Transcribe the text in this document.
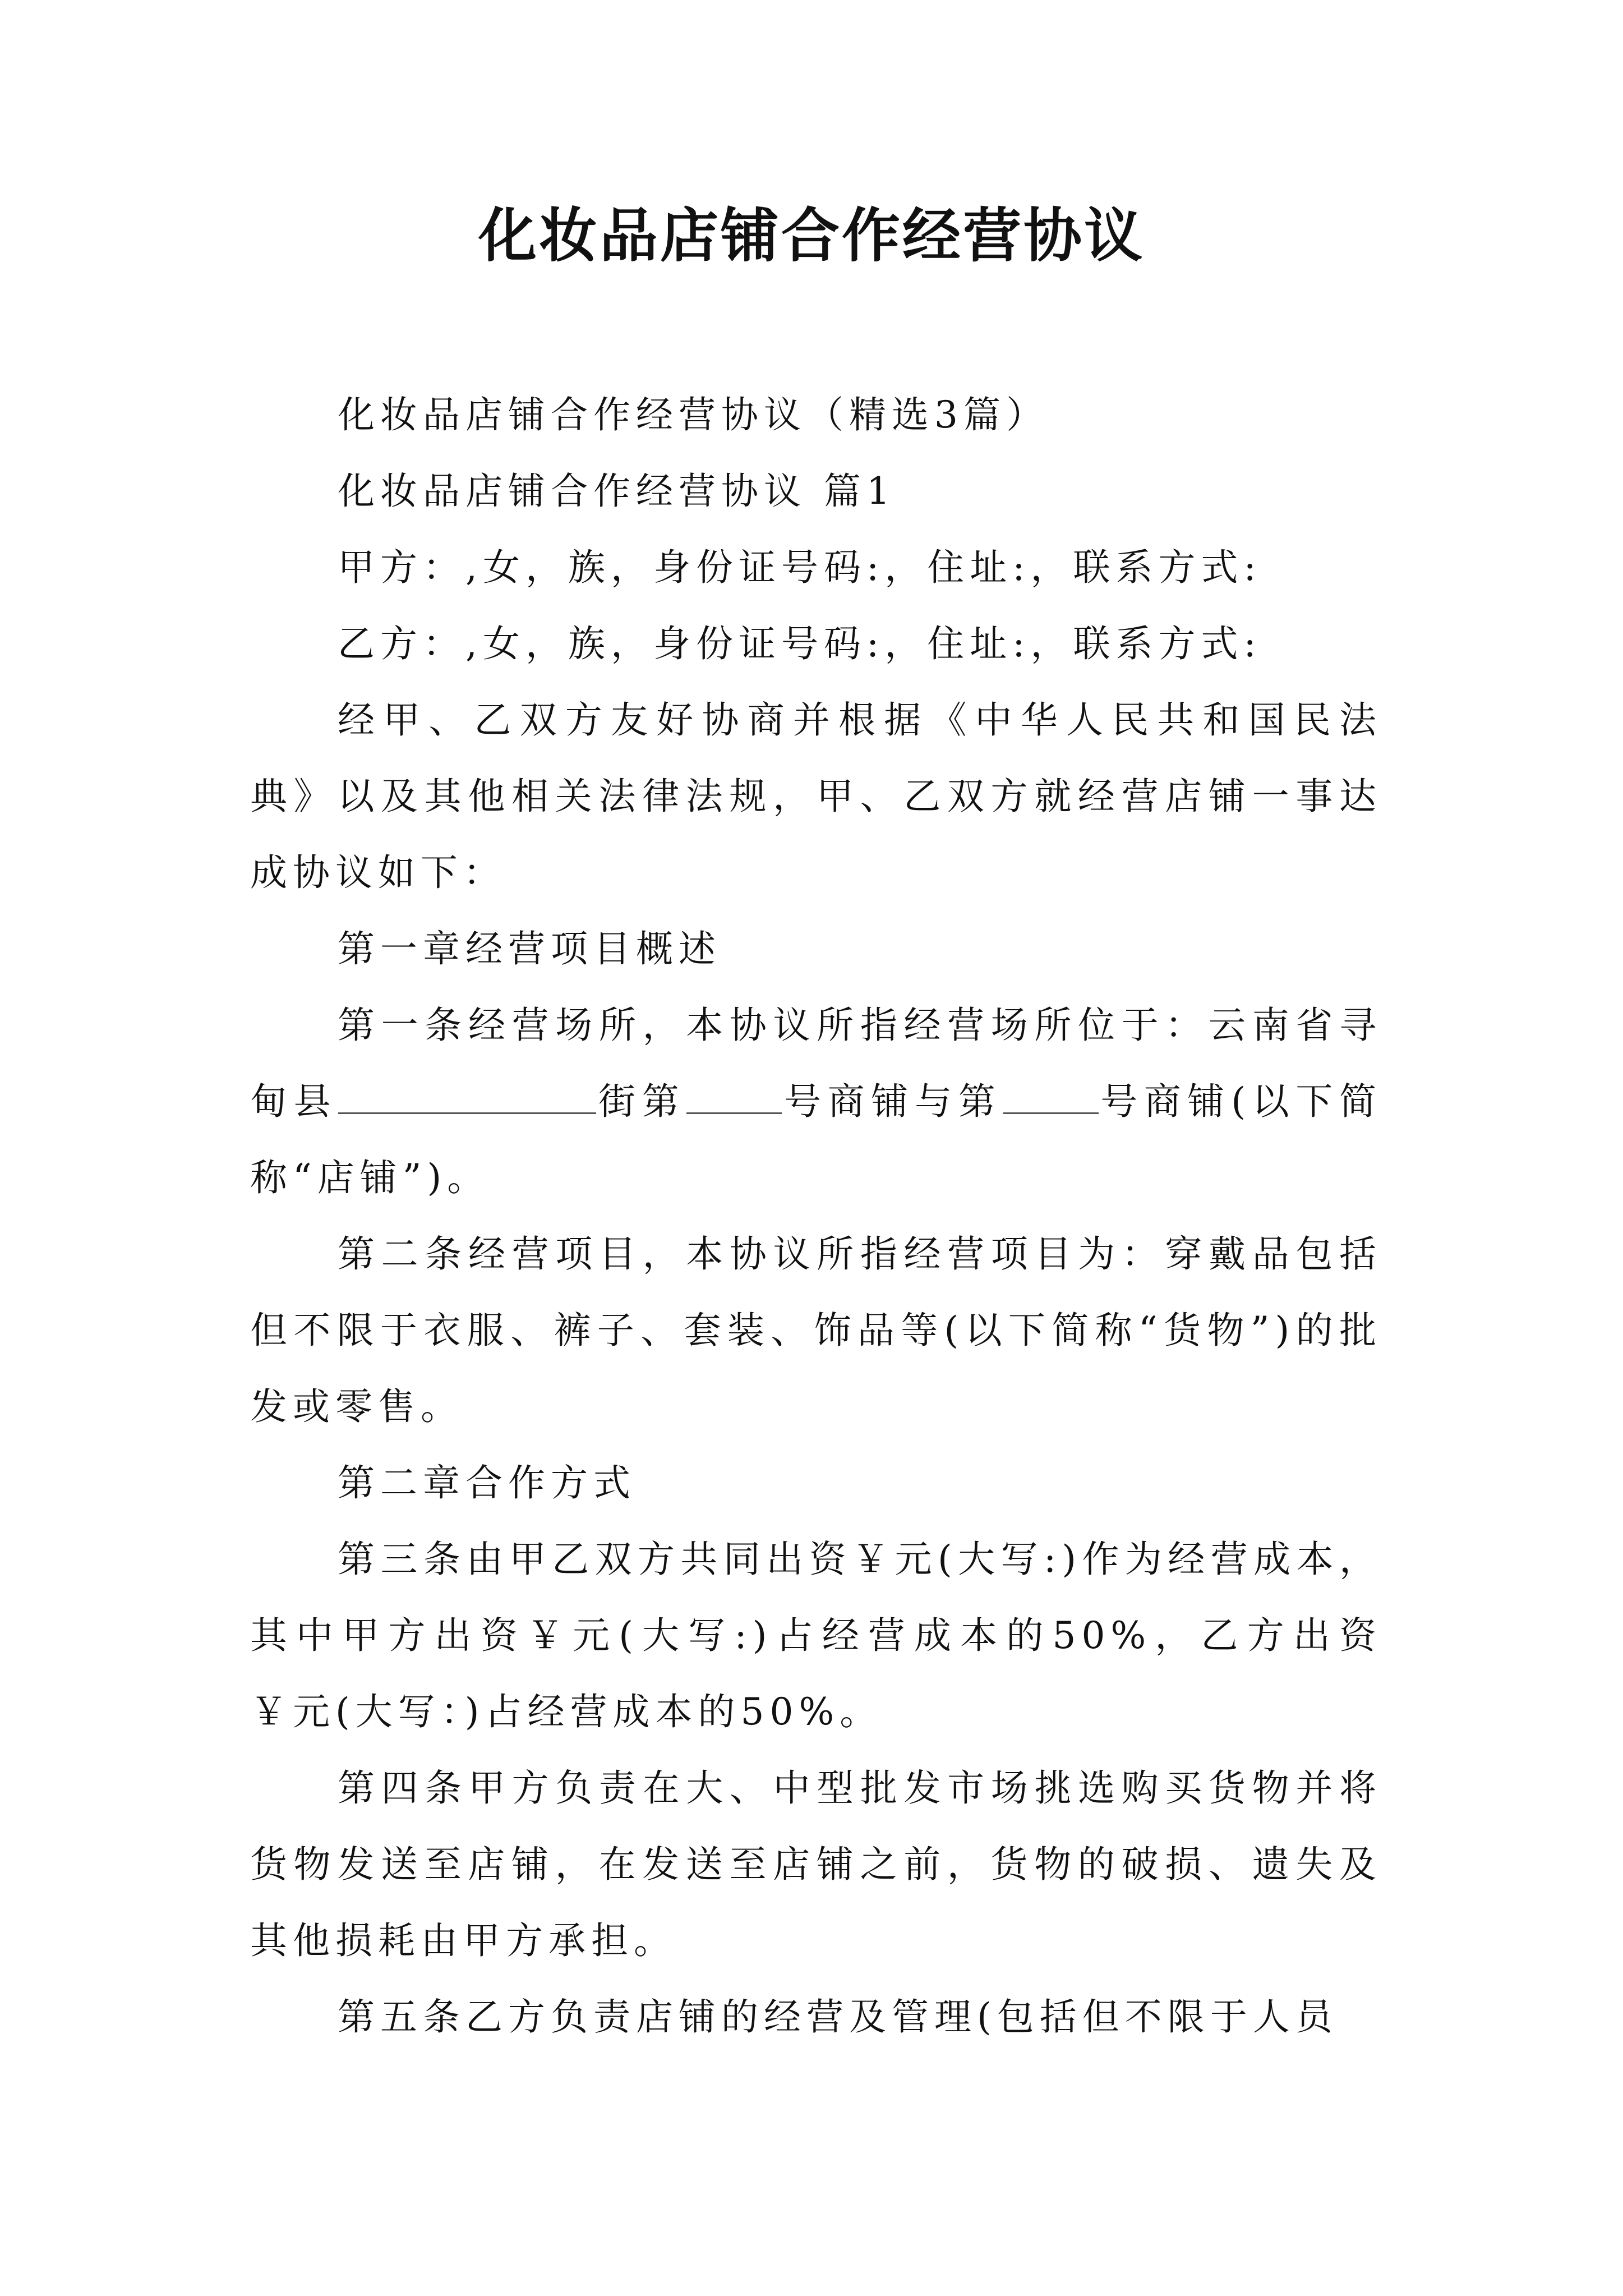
化妆品店铺合作经营协议

化妆品店铺合作经营协议（精选3篇）

化妆品店铺合作经营协议 篇1

甲方：,女，族，身份证号码:，住址:，联系方式:

乙方：,女，族，身份证号码:，住址:，联系方式:

经甲、乙双方友好协商并根据《中华人民共和国民法典》以及其他相关法律法规，甲、乙双方就经营店铺一事达成协议如下：

第一章经营项目概述

第一条经营场所，本协议所指经营场所位于：云南省寻甸县	街第	号商铺与第	号商铺(以下简称“店铺”)。

第二条经营项目，本协议所指经营项目为：穿戴品包括但不限于衣服、裤子、套装、饰品等(以下简称“货物”)的批发或零售。

第二章合作方式

第三条由甲乙双方共同出资￥元(大写:)作为经营成本，其中甲方出资￥元(大写:)占经营成本的50%，乙方出资￥元(大写：)占经营成本的50%。

第四条甲方负责在大、中型批发市场挑选购买货物并将货物发送至店铺，在发送至店铺之前，货物的破损、遗失及其他损耗由甲方承担。

第五条乙方负责店铺的经营及管理(包括但不限于人员
